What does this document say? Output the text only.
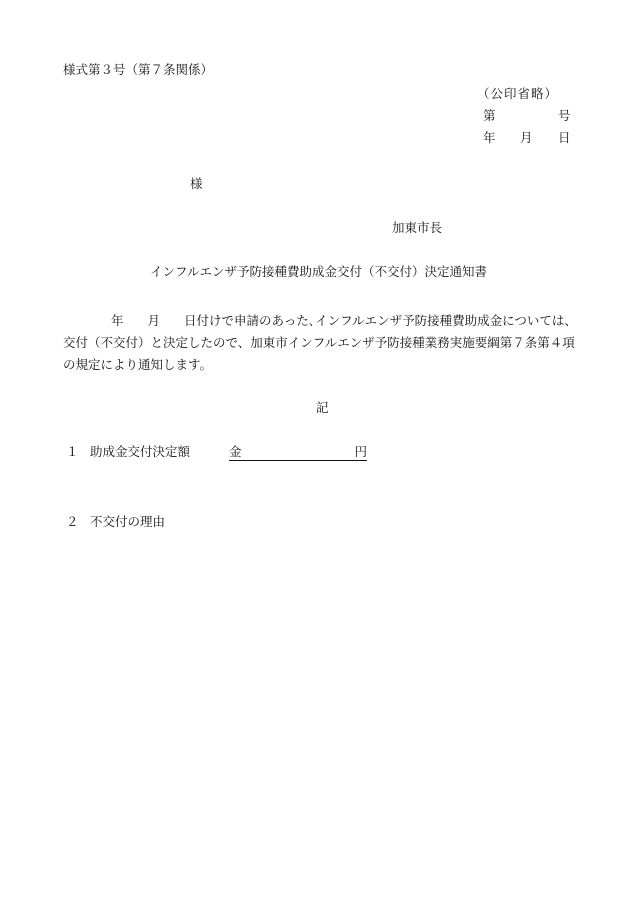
様式第３号（第７条関係）
（公印省略）
第	号
年 月 日
様
加東市長
インフルエンザ予防接種費助成金交付（不交付）決定通知書
年 月 日付けで申請のあった､インフルエンザ予防接種費助成金については、
交付（不交付）と決定したので、加東市インフルエンザ予防接種業務実施要綱第７条第４項
の規定により通知します。
記
１ 助成金交付決定額	金	円
２ 不交付の理由
